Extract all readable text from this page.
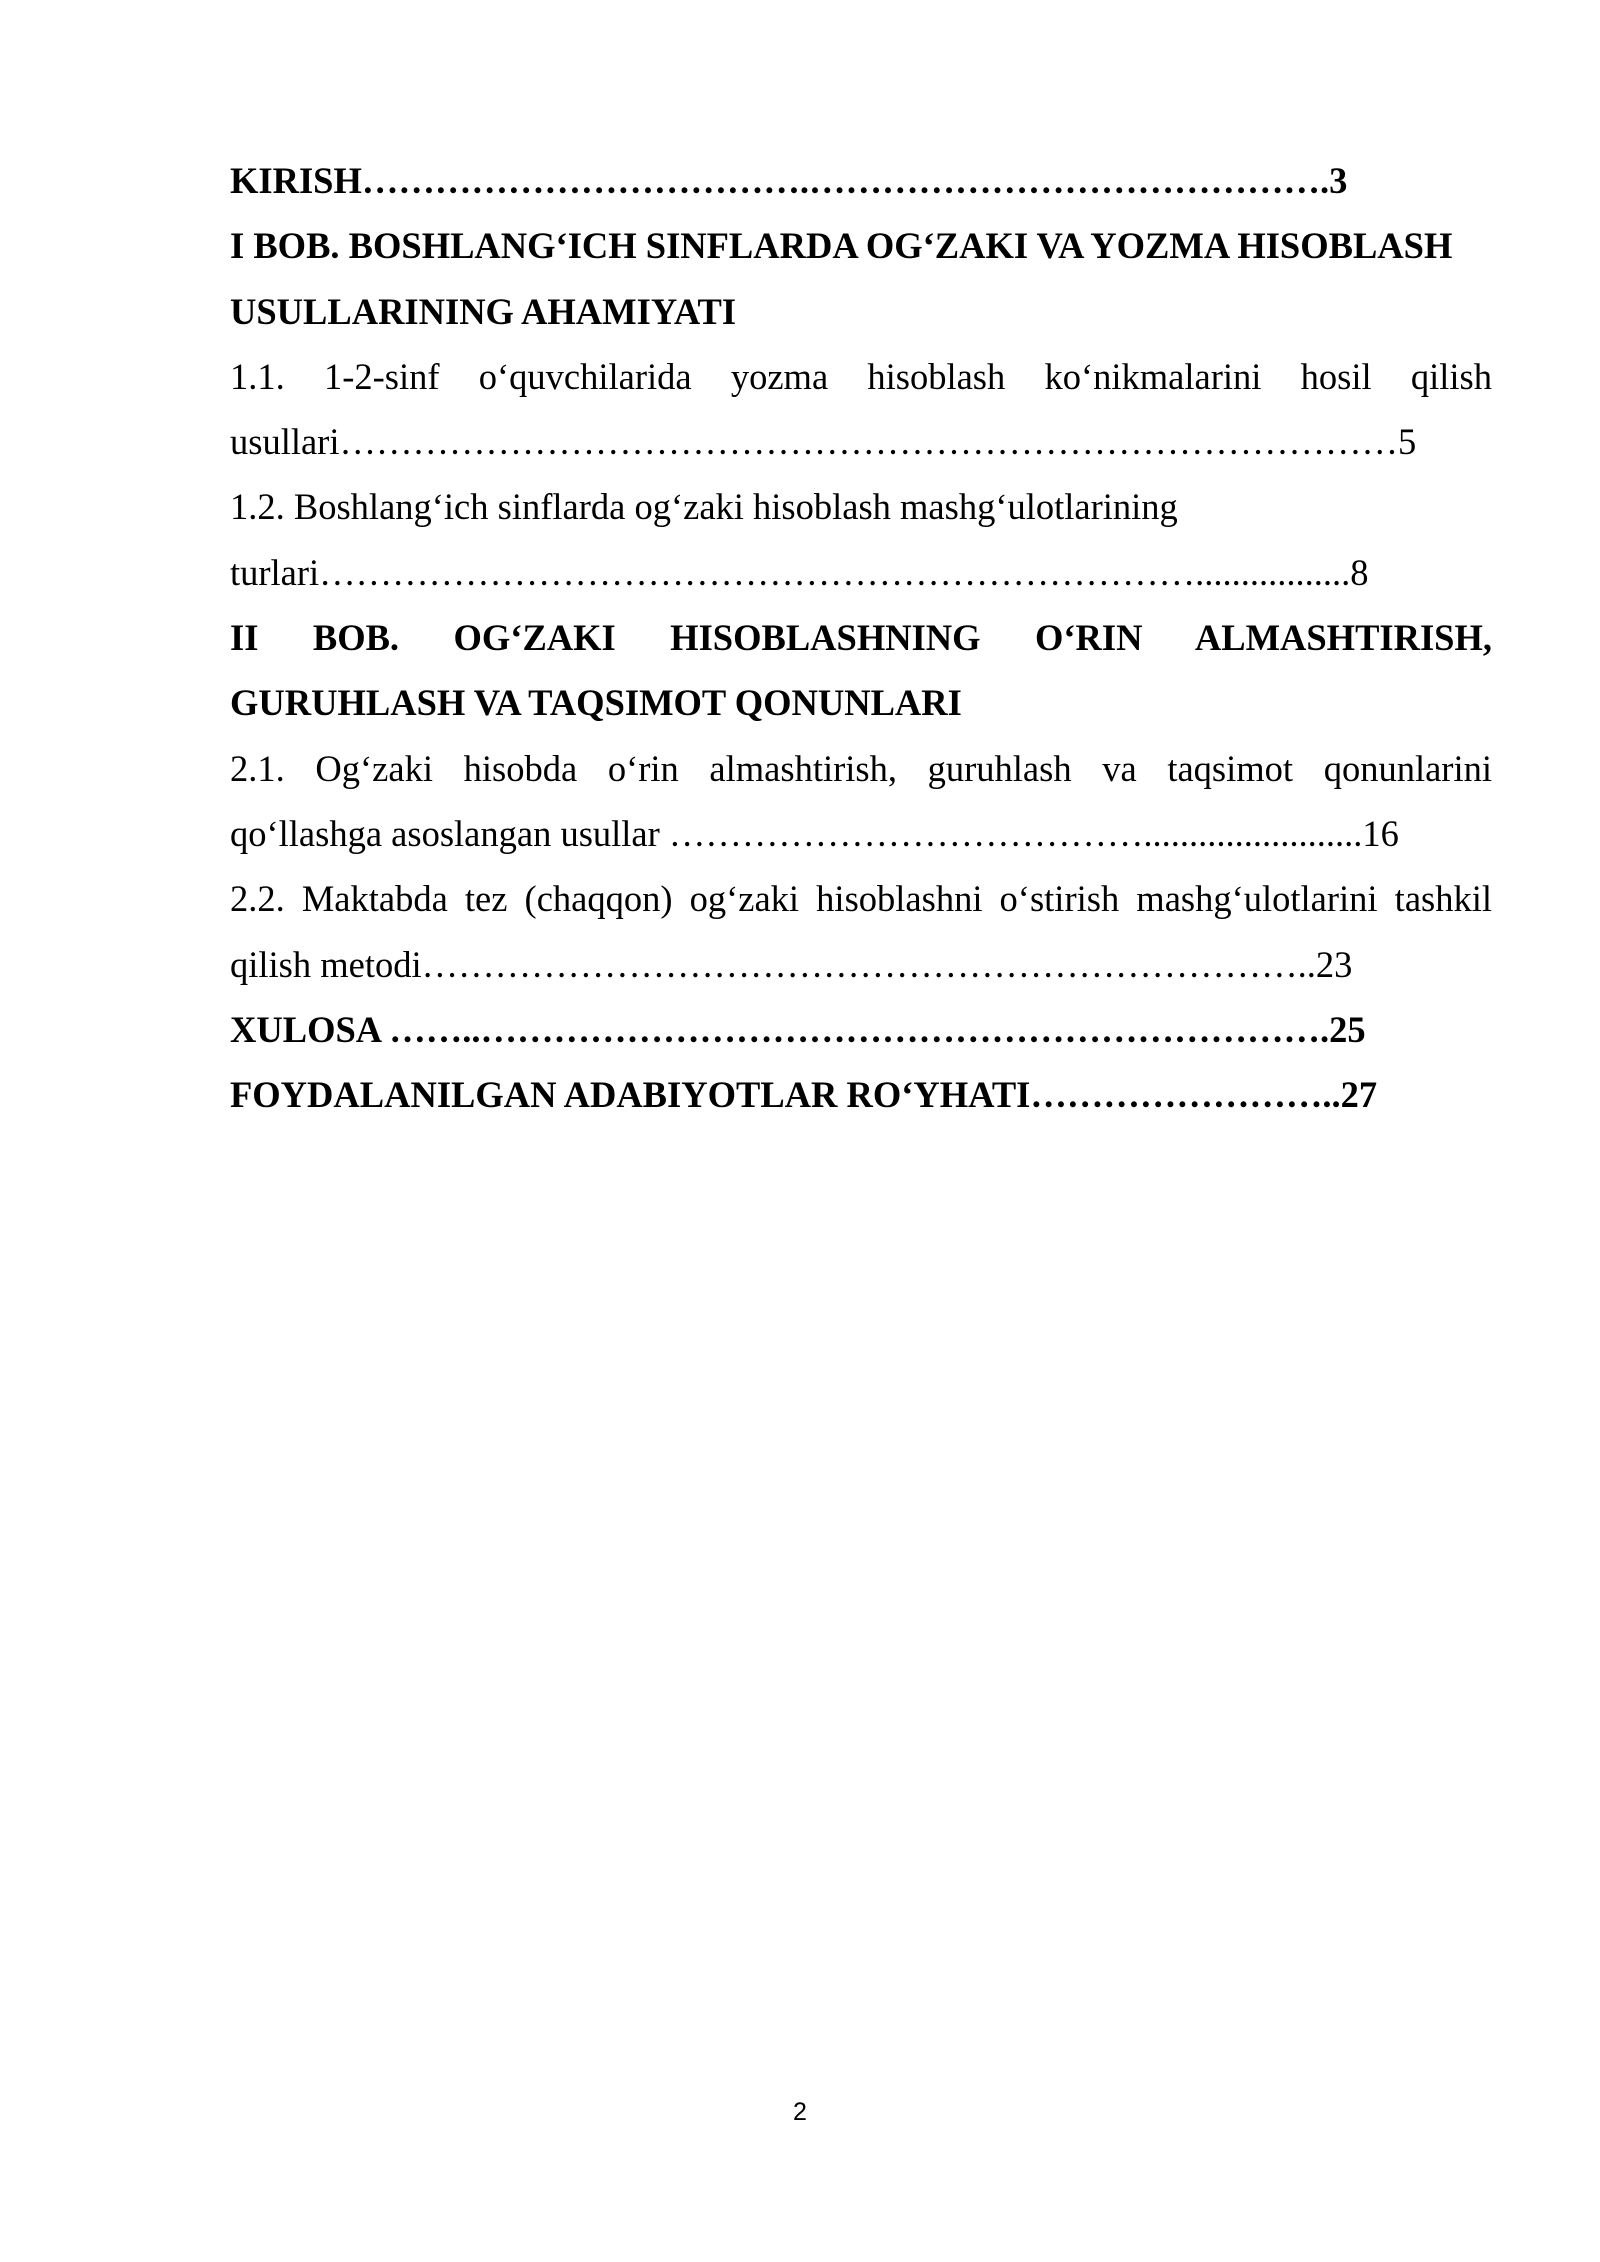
KIRISH……………………………….…………………………………….3
I BOB. BOSHLANG‘ICH SINFLARDA OG‘ZAKI VA YOZMA HISOBLASH
USULLARINING AHAMIYATI
1.1. 1-2-sinf o‘quvchilarida yozma hisoblash ko‘nikmalarini hosil qilish
usullari……………………………………………………………………………5
1.2. Boshlang‘ich sinflarda og‘zaki hisoblash mashg‘ulotlarining
turlari……………………………………………………………….................8
II BOB. OG‘ZAKI HISOBLASHNING O‘RIN ALMASHTIRISH,
GURUHLASH VA TAQSIMOT QONUNLARI
2.1. Og‘zaki hisobda o‘rin almashtirish, guruhlash va taqsimot qonunlarini
qo‘llashga asoslangan usullar …………………………………........................16
2.2. Maktabda tez (chaqqon) og‘zaki hisoblashni o‘stirish mashg‘ulotlarini tashkil
qilish metodi………………………………………………………………..23
XULOSA ……..…………………………………………………………….25
FOYDALANILGAN ADABIYOTLAR RO‘YHATI……………………..27
2
